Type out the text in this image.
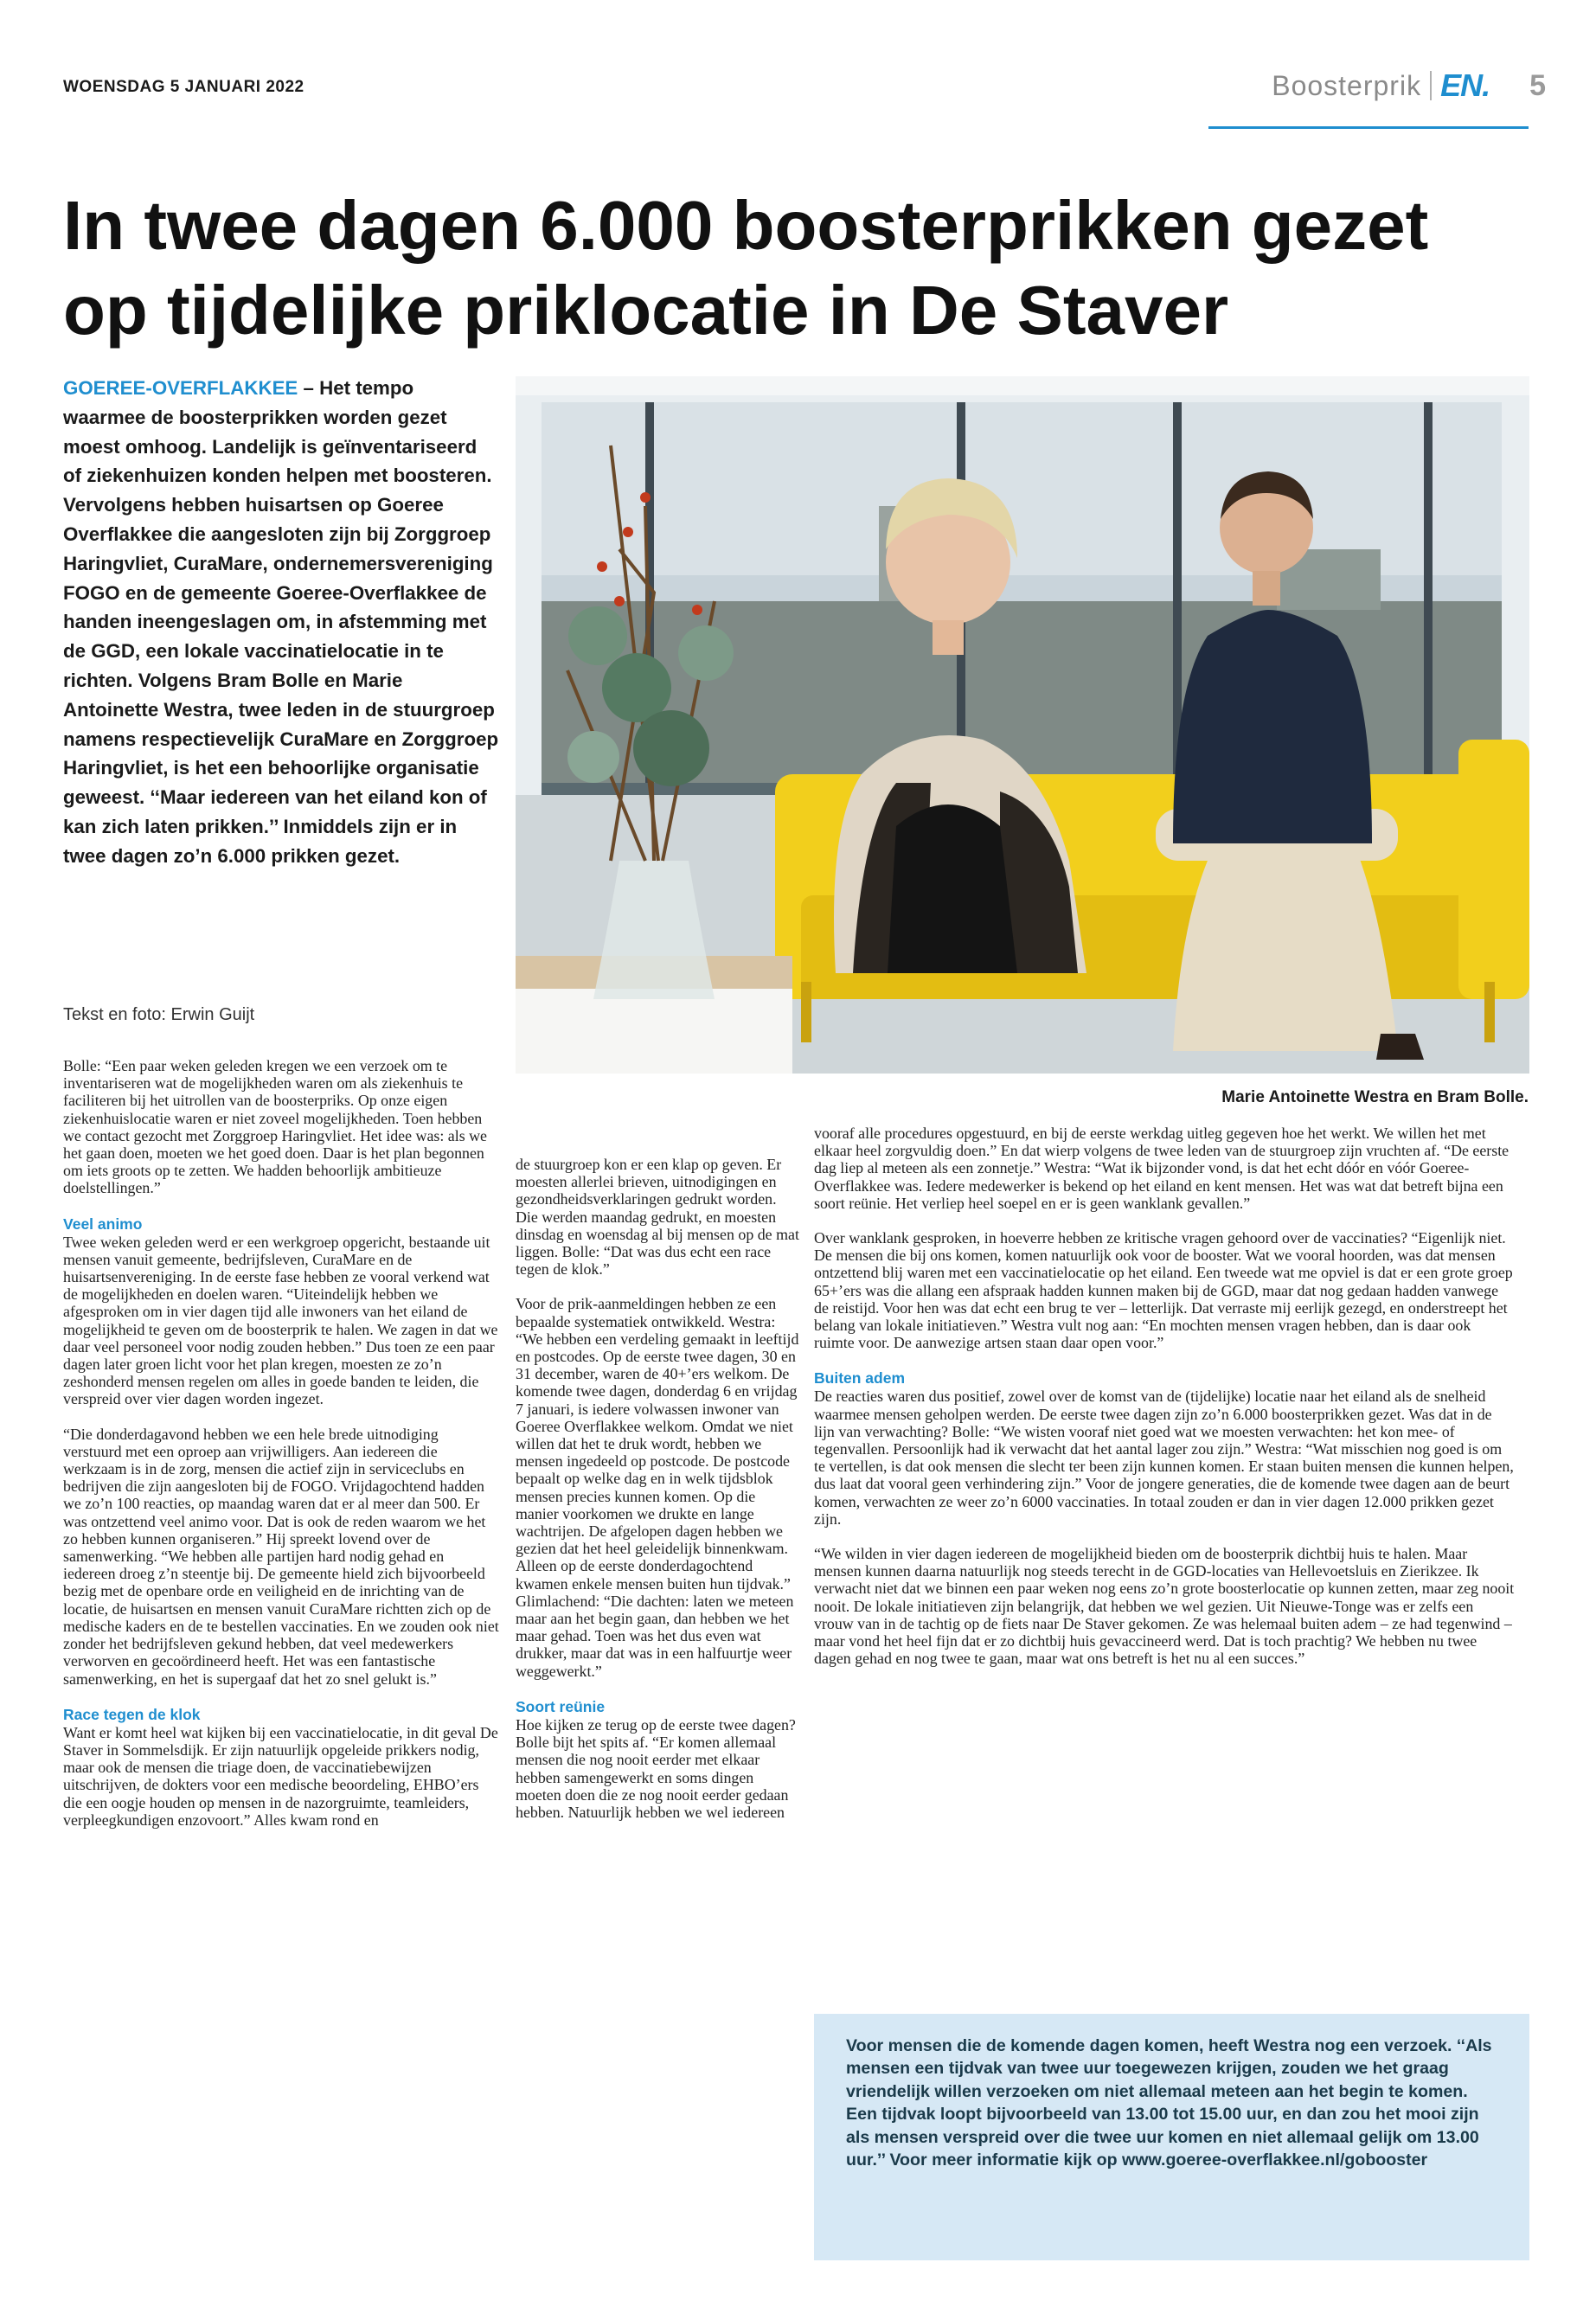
WOENSDAG 5 JANUARI 2022	Boosterprik EN. 5
In twee dagen 6.000 boosterprikken gezet
op tijdelijke priklocatie in De Staver
GOEREE-OVERFLAKKEE – Het tempo waarmee de boosterprikken worden gezet moest omhoog. Landelijk is geïnventariseerd of ziekenhuizen konden helpen met boosteren. Vervolgens hebben huisartsen op Goeree Overflakkee die aangesloten zijn bij Zorggroep Haringvliet, CuraMare, ondernemersvereniging FOGO en de gemeente Goeree-Overflakkee de handen ineengeslagen om, in afstemming met de GGD, een lokale vaccinatielocatie in te richten. Volgens Bram Bolle en Marie Antoinette Westra, twee leden in de stuurgroep namens respectievelijk CuraMare en Zorggroep Haringvliet, is het een behoorlijke organisatie geweest. ‘‘Maar iedereen van het eiland kon of kan zich laten prikken.’’ Inmiddels zijn er in twee dagen zo’n 6.000 prikken gezet.
Tekst en foto: Erwin Guijt
Marie Antoinette Westra en Bram Bolle.

Bolle: “Een paar weken geleden kregen we een verzoek om te inventariseren wat de mogelijkheden waren om als ziekenhuis te faciliteren bij het uitrollen van de boosterpriks. Op onze eigen ziekenhuislocatie waren er niet zoveel mogelijkheden. Toen hebben we contact gezocht met Zorggroep Haringvliet. Het idee was: als we het gaan doen, moeten we het goed doen. Daar is het plan begonnen om iets groots op te zetten. We hadden behoorlijk ambitieuze doelstellingen.”

Veel animo

Twee weken geleden werd er een werkgroep opgericht, bestaande uit mensen vanuit gemeente, bedrijfsleven, CuraMare en de huisartsenvereniging. In de eerste fase hebben ze vooral verkend wat de mogelijkheden en doelen waren. “Uiteindelijk hebben we afgesproken om in vier dagen tijd alle inwoners van het eiland de mogelijkheid te geven om de boosterprik te halen. We zagen in dat we daar veel personeel voor nodig zouden hebben.” Dus toen ze een paar dagen later groen licht voor het plan kregen, moesten ze zo’n zeshonderd mensen regelen om alles in goede banden te leiden, die verspreid over vier dagen worden ingezet.

“Die donderdagavond hebben we een hele brede uitnodiging verstuurd met een oproep aan vrijwilligers. Aan iedereen die werkzaam is in de zorg, mensen die actief zijn in serviceclubs en bedrijven die zijn aangesloten bij de FOGO. Vrijdagochtend hadden we zo’n 100 reacties, op maandag waren dat er al meer dan 500. Er was ontzettend veel animo voor. Dat is ook de reden waarom we het zo hebben kunnen organiseren.” Hij spreekt lovend over de samenwerking. “We hebben alle partijen hard nodig gehad en iedereen droeg z’n steentje bij. De gemeente hield zich bijvoorbeeld bezig met de openbare orde en veiligheid en de inrichting van de locatie, de huisartsen en mensen vanuit CuraMare richtten zich op de medische kaders en de te bestellen vaccinaties. En we zouden ook niet zonder het bedrijfsleven gekund hebben, dat veel medewerkers verworven en gecoördineerd heeft. Het was een fantastische samenwerking, en het is supergaaf dat het zo snel gelukt is.”

Race tegen de klok

Want er komt heel wat kijken bij een vaccinatielocatie, in dit geval De Staver in Sommelsdijk. Er zijn natuurlijk opgeleide prikkers nodig, maar ook de mensen die triage doen, de vaccinatiebewijzen uitschrijven, de dokters voor een medische beoordeling, EHBO’ers die een oogje houden op mensen in de nazorgruimte, teamleiders, verpleegkundigen enzovoort.” Alles kwam rond en

de stuurgroep kon er een klap op geven. Er moesten allerlei brieven, uitnodigingen en gezondheidsverklaringen gedrukt worden. Die werden maandag gedrukt, en moesten dinsdag en woensdag al bij mensen op de mat liggen. Bolle: “Dat was dus echt een race tegen de klok.”

Voor de prik-aanmeldingen hebben ze een bepaalde systematiek ontwikkeld. Westra: “We hebben een verdeling gemaakt in leeftijd en postcodes. Op de eerste twee dagen, 30 en 31 december, waren de 40+’ers welkom. De komende twee dagen, donderdag 6 en vrijdag 7 januari, is iedere volwassen inwoner van Goeree Overflakkee welkom. Omdat we niet willen dat het te druk wordt, hebben we mensen ingedeeld op postcode. De postcode bepaalt op welke dag en in welk tijdsblok mensen precies kunnen komen. Op die manier voorkomen we drukte en lange wachtrijen. De afgelopen dagen hebben we gezien dat het heel geleidelijk binnenkwam. Alleen op de eerste donderdagochtend kwamen enkele mensen buiten hun tijdvak.” Glimlachend: “Die dachten: laten we meteen maar aan het begin gaan, dan hebben we het maar gehad. Toen was het dus even wat drukker, maar dat was in een halfuurtje weer weggewerkt.”

Soort reünie

Hoe kijken ze terug op de eerste twee dagen? Bolle bijt het spits af. “Er komen allemaal mensen die nog nooit eerder met elkaar hebben samengewerkt en soms dingen moeten doen die ze nog nooit eerder gedaan hebben. Natuurlijk hebben we wel iedereen

vooraf alle procedures opgestuurd, en bij de eerste werkdag uitleg gegeven hoe het werkt. We willen het met elkaar heel zorgvuldig doen.” En dat wierp volgens de twee leden van de stuurgroep zijn vruchten af. “De eerste dag liep al meteen als een zonnetje.” Westra: “Wat ik bijzonder vond, is dat het echt dóór en vóór Goeree-Overflakkee was. Iedere medewerker is bekend op het eiland en kent mensen. Het was wat dat betreft bijna een soort reünie. Het verliep heel soepel en er is geen wanklank gevallen.”

Over wanklank gesproken, in hoeverre hebben ze kritische vragen gehoord over de vaccinaties? “Eigenlijk niet. De mensen die bij ons komen, komen natuurlijk ook voor de booster. Wat we vooral hoorden, was dat mensen ontzettend blij waren met een vaccinatielocatie op het eiland. Een tweede wat me opviel is dat er een grote groep 65+’ers was die allang een afspraak hadden kunnen maken bij de GGD, maar dat nog gedaan hadden vanwege de reistijd. Voor hen was dat echt een brug te ver – letterlijk. Dat verraste mij eerlijk gezegd, en onderstreept het belang van lokale initiatieven.” Westra vult nog aan: “En mochten mensen vragen hebben, dan is daar ook ruimte voor. De aanwezige artsen staan daar open voor.”

Buiten adem

De reacties waren dus positief, zowel over de komst van de (tijdelijke) locatie naar het eiland als de snelheid waarmee mensen geholpen werden. De eerste twee dagen zijn zo’n 6.000 boosterprikken gezet. Was dat in de lijn van verwachting? Bolle: “We wisten vooraf niet goed wat we moesten verwachten: het kon mee- of tegenvallen. Persoonlijk had ik verwacht dat het aantal lager zou zijn.” Westra: “Wat misschien nog goed is om te vertellen, is dat ook mensen die slecht ter been zijn kunnen komen. Er staan buiten mensen die kunnen helpen, dus laat dat vooral geen verhindering zijn.” Voor de jongere generaties, die de komende twee dagen aan de beurt komen, verwachten ze weer zo’n 6000 vaccinaties. In totaal zouden er dan in vier dagen 12.000 prikken gezet zijn.

“We wilden in vier dagen iedereen de mogelijkheid bieden om de boosterprik dichtbij huis te halen. Maar mensen kunnen daarna natuurlijk nog steeds terecht in de GGD-locaties van Hellevoetsluis en Zierikzee. Ik verwacht niet dat we binnen een paar weken nog eens zo’n grote boosterlocatie op kunnen zetten, maar zeg nooit nooit. De lokale initiatieven zijn belangrijk, dat hebben we wel gezien. Uit Nieuwe-Tonge was er zelfs een vrouw van in de tachtig op de fiets naar De Staver gekomen. Ze was helemaal buiten adem – ze had tegenwind – maar vond het heel fijn dat er zo dichtbij huis gevaccineerd werd. Dat is toch prachtig? We hebben nu twee dagen gehad en nog twee te gaan, maar wat ons betreft is het nu al een succes.”

Voor mensen die de komende dagen komen, heeft Westra nog een verzoek. ‘‘Als mensen een tijdvak van twee uur toegewezen krijgen, zouden we het graag vriendelijk willen verzoeken om niet allemaal meteen aan het begin te komen. Een tijdvak loopt bijvoorbeeld van 13.00 tot 15.00 uur, en dan zou het mooi zijn als mensen verspreid over die twee uur komen en niet allemaal gelijk om 13.00 uur.’’ Voor meer informatie kijk op www.goeree-overflakkee.nl/gobooster
